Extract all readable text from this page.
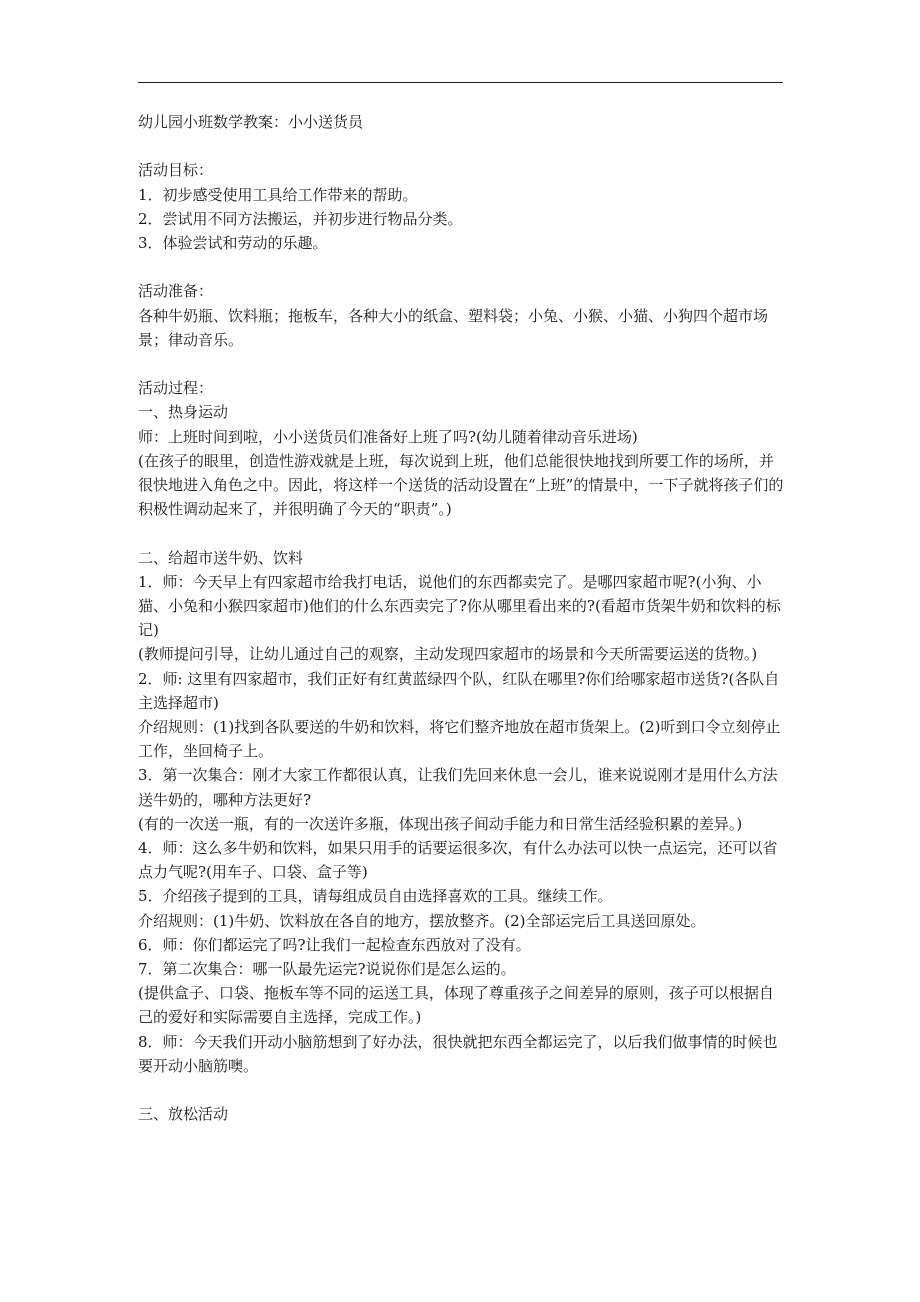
幼儿园小班数学教案：小小送货员

活动目标：

1．初步感受使用工具给工作带来的帮助。

2．尝试用不同方法搬运，并初步进行物品分类。

3．体验尝试和劳动的乐趣。

活动准备：

各种牛奶瓶、饮料瓶；拖板车，各种大小的纸盒、塑料袋；小兔、小猴、小猫、小狗四个超市场景；律动音乐。

活动过程：

一、热身运动

师：上班时间到啦，小小送货员们准备好上班了吗?(幼儿随着律动音乐进场)

(在孩子的眼里，创造性游戏就是上班，每次说到上班，他们总能很快地找到所要工作的场所，并很快地进入角色之中。因此，将这样一个送货的活动设置在“上班”的情景中，一下子就将孩子们的积极性调动起来了，并很明确了今天的“职责”。)

二、给超市送牛奶、饮料

1．师：今天早上有四家超市给我打电话，说他们的东西都卖完了。是哪四家超市呢?(小狗、小猫、小兔和小猴四家超市)他们的什么东西卖完了?你从哪里看出来的?(看超市货架牛奶和饮料的标记)

(教师提问引导，让幼儿通过自己的观察，主动发现四家超市的场景和今天所需要运送的货物。)

2．师: 这里有四家超市，我们正好有红黄蓝绿四个队，红队在哪里?你们给哪家超市送货?(各队自主选择超市)

介绍规则：(1)找到各队要送的牛奶和饮料，将它们整齐地放在超市货架上。(2)听到口令立刻停止工作，坐回椅子上。

3．第一次集合：刚才大家工作都很认真，让我们先回来休息一会儿，谁来说说刚才是用什么方法送牛奶的，哪种方法更好?

(有的一次送一瓶，有的一次送许多瓶，体现出孩子间动手能力和日常生活经验积累的差异。)

4．师：这么多牛奶和饮料，如果只用手的话要运很多次，有什么办法可以快一点运完，还可以省点力气呢?(用车子、口袋、盒子等)

5．介绍孩子提到的工具，请每组成员自由选择喜欢的工具。继续工作。

介绍规则：(1)牛奶、饮料放在各自的地方，摆放整齐。(2)全部运完后工具送回原处。

6．师：你们都运完了吗?让我们一起检查东西放对了没有。

7．第二次集合：哪一队最先运完?说说你们是怎么运的。

(提供盒子、口袋、拖板车等不同的运送工具，体现了尊重孩子之间差异的原则，孩子可以根据自己的爱好和实际需要自主选择，完成工作。)

8．师：今天我们开动小脑筋想到了好办法，很快就把东西全都运完了，以后我们做事情的时候也要开动小脑筋噢。

三、放松活动
